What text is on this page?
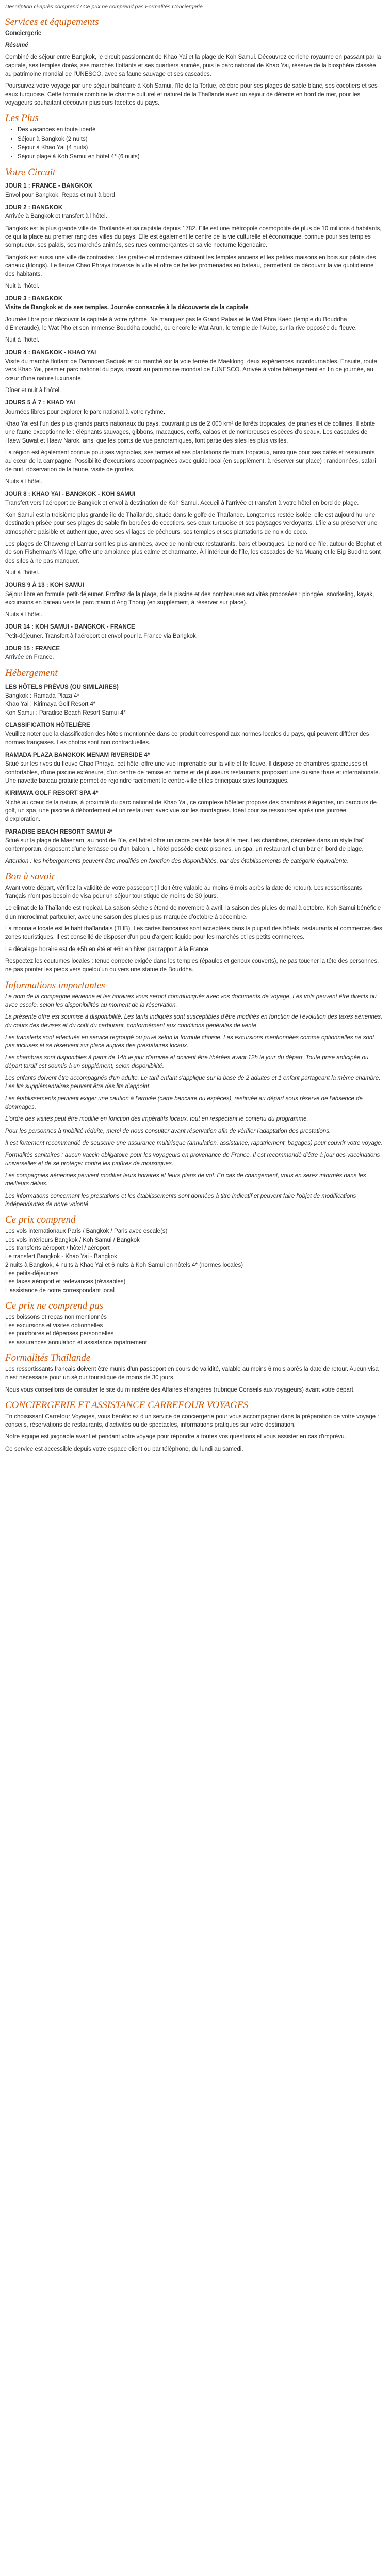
Description ci-après comprend / Ce prix ne comprend pas Formalités Conciergerie

Services et équipements

Conciergerie

Résumé

Combiné de séjour entre Bangkok, le circuit passionnant de Khao Yai et la plage de Koh Samui. Découvrez ce riche royaume en passant par la capitale, ses temples dorés, ses marchés flottants et ses quartiers animés, puis le parc national de Khao Yai, réserve de la biosphère classée au patrimoine mondial de l'UNESCO, avec sa faune sauvage et ses cascades.

Poursuivez votre voyage par une séjour balnéaire à Koh Samui, l'île de la Tortue, célèbre pour ses plages de sable blanc, ses cocotiers et ses eaux turquoise. Cette formule combine le charme culturel et naturel de la Thaïlande avec un séjour de détente en bord de mer, pour les voyageurs souhaitant découvrir plusieurs facettes du pays.

Les Plus
• Des vacances en toute liberté
• Séjour à Bangkok (2 nuits)
• Séjour à Khao Yai (4 nuits)
• Séjour plage à Koh Samui en hôtel 4* (6 nuits)
Votre Circuit
JOUR 1 : FRANCE - BANGKOK

Envol pour Bangkok. Repas et nuit à bord.

JOUR 2 : BANGKOK

Arrivée à Bangkok et transfert à l'hôtel.

Bangkok est la plus grande ville de Thaïlande et sa capitale depuis 1782. Elle est une métropole cosmopolite de plus de 10 millions d'habitants, ce qui la place au premier rang des villes du pays. Elle est également le centre de la vie culturelle et économique, connue pour ses temples somptueux, ses palais, ses marchés animés, ses rues commerçantes et sa vie nocturne légendaire.

Bangkok est aussi une ville de contrastes : les gratte-ciel modernes côtoient les temples anciens et les petites maisons en bois sur pilotis des canaux (klongs). Le fleuve Chao Phraya traverse la ville et offre de belles promenades en bateau, permettant de découvrir la vie quotidienne des habitants.

Nuit à l'hôtel.

JOUR 3 : BANGKOK

Visite de Bangkok et de ses temples. Journée consacrée à la découverte de la capitale

Journée libre pour découvrir la capitale à votre rythme. Ne manquez pas le Grand Palais et le Wat Phra Kaeo (temple du Bouddha d'Émeraude), le Wat Pho et son immense Bouddha couché, ou encore le Wat Arun, le temple de l'Aube, sur la rive opposée du fleuve.

Nuit à l'hôtel.

JOUR 4 : BANGKOK - KHAO YAI

Visite du marché flottant de Damnoen Saduak et du marché sur la voie ferrée de Maeklong, deux expériences incontournables. Ensuite, route vers Khao Yai, premier parc national du pays, inscrit au patrimoine mondial de l'UNESCO. Arrivée à votre hébergement en fin de journée, au cœur d'une nature luxuriante.

Dîner et nuit à l'hôtel.

JOURS 5 À 7 : KHAO YAI

Journées libres pour explorer le parc national à votre rythme.

Khao Yai est l'un des plus grands parcs nationaux du pays, couvrant plus de 2 000 km² de forêts tropicales, de prairies et de collines. Il abrite une faune exceptionnelle : éléphants sauvages, gibbons, macaques, cerfs, calaos et de nombreuses espèces d'oiseaux. Les cascades de Haew Suwat et Haew Narok, ainsi que les points de vue panoramiques, font partie des sites les plus visités.

La région est également connue pour ses vignobles, ses fermes et ses plantations de fruits tropicaux, ainsi que pour ses cafés et restaurants au cœur de la campagne. Possibilité d'excursions accompagnées avec guide local (en supplément, à réserver sur place) : randonnées, safari de nuit, observation de la faune, visite de grottes.

Nuits à l'hôtel.

JOUR 8 : KHAO YAI - BANGKOK - KOH SAMUI

Transfert vers l'aéroport de Bangkok et envol à destination de Koh Samui. Accueil à l'arrivée et transfert à votre hôtel en bord de plage.

Koh Samui est la troisième plus grande île de Thaïlande, située dans le golfe de Thaïlande. Longtemps restée isolée, elle est aujourd'hui une destination prisée pour ses plages de sable fin bordées de cocotiers, ses eaux turquoise et ses paysages verdoyants. L'île a su préserver une atmosphère paisible et authentique, avec ses villages de pêcheurs, ses temples et ses plantations de noix de coco.

Les plages de Chaweng et Lamai sont les plus animées, avec de nombreux restaurants, bars et boutiques. Le nord de l'île, autour de Bophut et de son Fisherman's Village, offre une ambiance plus calme et charmante. À l'intérieur de l'île, les cascades de Na Muang et le Big Buddha sont des sites à ne pas manquer.

Nuit à l'hôtel.

JOURS 9 À 13 : KOH SAMUI

Séjour libre en formule petit-déjeuner. Profitez de la plage, de la piscine et des nombreuses activités proposées : plongée, snorkeling, kayak, excursions en bateau vers le parc marin d'Ang Thong (en supplément, à réserver sur place).

Nuits à l'hôtel.

JOUR 14 : KOH SAMUI - BANGKOK - FRANCE

Petit-déjeuner. Transfert à l'aéroport et envol pour la France via Bangkok.

JOUR 15 : FRANCE

Arrivée en France.

Hébergement
LES HÔTELS PRÉVUS (OU SIMILAIRES)

Bangkok : Ramada Plaza 4*

Khao Yai : Kirimaya Golf Resort 4*

Koh Samui : Paradise Beach Resort Samui 4*

CLASSIFICATION HÔTELIÈRE

Veuillez noter que la classification des hôtels mentionnée dans ce produit correspond aux normes locales du pays, qui peuvent différer des normes françaises. Les photos sont non contractuelles.

RAMADA PLAZA BANGKOK MENAM RIVERSIDE 4*

Situé sur les rives du fleuve Chao Phraya, cet hôtel offre une vue imprenable sur la ville et le fleuve. Il dispose de chambres spacieuses et confortables, d'une piscine extérieure, d'un centre de remise en forme et de plusieurs restaurants proposant une cuisine thaïe et internationale. Une navette bateau gratuite permet de rejoindre facilement le centre-ville et les principaux sites touristiques.

KIRIMAYA GOLF RESORT SPA 4*

Niché au cœur de la nature, à proximité du parc national de Khao Yai, ce complexe hôtelier propose des chambres élégantes, un parcours de golf, un spa, une piscine à débordement et un restaurant avec vue sur les montagnes. Idéal pour se ressourcer après une journée d'exploration.

PARADISE BEACH RESORT SAMUI 4*

Situé sur la plage de Maenam, au nord de l'île, cet hôtel offre un cadre paisible face à la mer. Les chambres, décorées dans un style thaï contemporain, disposent d'une terrasse ou d'un balcon. L'hôtel possède deux piscines, un spa, un restaurant et un bar en bord de plage.

Attention : les hébergements peuvent être modifiés en fonction des disponibilités, par des établissements de catégorie équivalente.

Bon à savoir

Avant votre départ, vérifiez la validité de votre passeport (il doit être valable au moins 6 mois après la date de retour). Les ressortissants français n'ont pas besoin de visa pour un séjour touristique de moins de 30 jours.

Le climat de la Thaïlande est tropical. La saison sèche s'étend de novembre à avril, la saison des pluies de mai à octobre. Koh Samui bénéficie d'un microclimat particulier, avec une saison des pluies plus marquée d'octobre à décembre.

La monnaie locale est le baht thaïlandais (THB). Les cartes bancaires sont acceptées dans la plupart des hôtels, restaurants et commerces des zones touristiques. Il est conseillé de disposer d'un peu d'argent liquide pour les marchés et les petits commerces.

Le décalage horaire est de +5h en été et +6h en hiver par rapport à la France.

Respectez les coutumes locales : tenue correcte exigée dans les temples (épaules et genoux couverts), ne pas toucher la tête des personnes, ne pas pointer les pieds vers quelqu'un ou vers une statue de Bouddha.

Informations importantes

Le nom de la compagnie aérienne et les horaires vous seront communiqués avec vos documents de voyage. Les vols peuvent être directs ou avec escale, selon les disponibilités au moment de la réservation.

La présente offre est soumise à disponibilité. Les tarifs indiqués sont susceptibles d'être modifiés en fonction de l'évolution des taxes aériennes, du cours des devises et du coût du carburant, conformément aux conditions générales de vente.

Les transferts sont effectués en service regroupé ou privé selon la formule choisie. Les excursions mentionnées comme optionnelles ne sont pas incluses et se réservent sur place auprès des prestataires locaux.

Les chambres sont disponibles à partir de 14h le jour d'arrivée et doivent être libérées avant 12h le jour du départ. Toute prise anticipée ou départ tardif est soumis à un supplément, selon disponibilité.

Les enfants doivent être accompagnés d'un adulte. Le tarif enfant s'applique sur la base de 2 adultes et 1 enfant partageant la même chambre. Les lits supplémentaires peuvent être des lits d'appoint.

Les établissements peuvent exiger une caution à l'arrivée (carte bancaire ou espèces), restituée au départ sous réserve de l'absence de dommages.

L'ordre des visites peut être modifié en fonction des impératifs locaux, tout en respectant le contenu du programme.

Pour les personnes à mobilité réduite, merci de nous consulter avant réservation afin de vérifier l'adaptation des prestations.

Il est fortement recommandé de souscrire une assurance multirisque (annulation, assistance, rapatriement, bagages) pour couvrir votre voyage.

Formalités sanitaires : aucun vaccin obligatoire pour les voyageurs en provenance de France. Il est recommandé d'être à jour des vaccinations universelles et de se protéger contre les piqûres de moustiques.

Les compagnies aériennes peuvent modifier leurs horaires et leurs plans de vol. En cas de changement, vous en serez informés dans les meilleurs délais.

Les informations concernant les prestations et les établissements sont données à titre indicatif et peuvent faire l'objet de modifications indépendantes de notre volonté.

Ce prix comprend

Les vols internationaux Paris / Bangkok / Paris avec escale(s)

Les vols intérieurs Bangkok / Koh Samui / Bangkok

Les transferts aéroport / hôtel / aéroport

Le transfert Bangkok - Khao Yai - Bangkok

2 nuits à Bangkok, 4 nuits à Khao Yai et 6 nuits à Koh Samui en hôtels 4* (normes locales)

Les petits-déjeuners

Les taxes aéroport et redevances (révisables)

L'assistance de notre correspondant local

Ce prix ne comprend pas

Les boissons et repas non mentionnés

Les excursions et visites optionnelles

Les pourboires et dépenses personnelles

Les assurances annulation et assistance rapatriement

Formalités Thaïlande

Les ressortissants français doivent être munis d'un passeport en cours de validité, valable au moins 6 mois après la date de retour. Aucun visa n'est nécessaire pour un séjour touristique de moins de 30 jours.

Nous vous conseillons de consulter le site du ministère des Affaires étrangères (rubrique Conseils aux voyageurs) avant votre départ.

CONCIERGERIE ET ASSISTANCE CARREFOUR VOYAGES

En choisissant Carrefour Voyages, vous bénéficiez d'un service de conciergerie pour vous accompagner dans la préparation de votre voyage : conseils, réservations de restaurants, d'activités ou de spectacles, informations pratiques sur votre destination.

Notre équipe est joignable avant et pendant votre voyage pour répondre à toutes vos questions et vous assister en cas d'imprévu.

Ce service est accessible depuis votre espace client ou par téléphone, du lundi au samedi.
